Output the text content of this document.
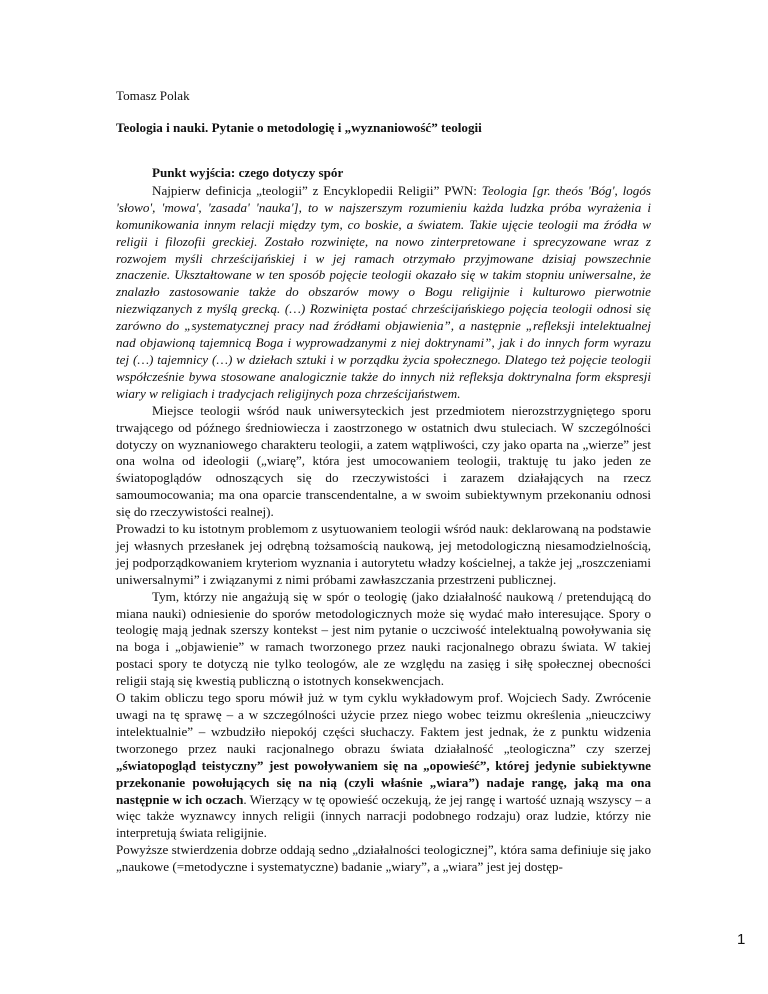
Tomasz Polak
Teologia i nauki. Pytanie o metodologię i „wyznaniowość” teologii

Punkt wyjścia: czego dotyczy spór

Najpierw definicja „teologii” z Encyklopedii Religii” PWN: Teologia [gr. theós 'Bóg', logós 'słowo', 'mowa', 'zasada' 'nauka'], to w najszerszym rozumieniu każda ludzka próba wyrażenia i komunikowania innym relacji między tym, co boskie, a światem. Takie ujęcie teologii ma źródła w religii i filozofii greckiej. Zostało rozwinięte, na nowo zinterpretowane i sprecyzowane wraz z rozwojem myśli chrześcijańskiej i w jej ramach otrzymało przyjmowane dzisiaj powszechnie znaczenie. Ukształtowane w ten sposób pojęcie teologii okazało się w takim stopniu uniwersalne, że znalazło zastosowanie także do obszarów mowy o Bogu religijnie i kulturowo pierwotnie niezwiązanych z myślą grecką. (…) Rozwinięta postać chrześcijańskiego pojęcia teologii odnosi się zarówno do „systematycznej pracy nad źródłami objawienia”, a następnie „refleksji intelektualnej nad objawioną tajemnicą Boga i wyprowadzanymi z niej doktrynami”, jak i do innych form wyrazu tej (…) tajemnicy (…) w dziełach sztuki i w porządku życia społecznego. Dlatego też pojęcie teologii współcześnie bywa stosowane analogicznie także do innych niż refleksja doktrynalna form ekspresji wiary w religiach i tradycjach religijnych poza chrześcijaństwem.

Miejsce teologii wśród nauk uniwersyteckich jest przedmiotem nierozstrzygniętego sporu trwającego od późnego średniowiecza i zaostrzonego w ostatnich dwu stuleciach. W szczególności dotyczy on wyznaniowego charakteru teologii, a zatem wątpliwości, czy jako oparta na „wierze” jest ona wolna od ideologii („wiarę”, która jest umocowaniem teologii, traktuję tu jako jeden ze światopoglądów odnoszących się do rzeczywistości i zarazem działających na rzecz samoumocowania; ma ona oparcie transcendentalne, a w swoim subiektywnym przekonaniu odnosi się do rzeczywistości realnej).

Prowadzi to ku istotnym problemom z usytuowaniem teologii wśród nauk: deklarowaną na podstawie jej własnych przesłanek jej odrębną tożsamością naukową, jej metodologiczną niesamodzielnością, jej podporządkowaniem kryteriom wyznania i autorytetu władzy kościelnej, a także jej „roszczeniami uniwersalnymi” i związanymi z nimi próbami zawłaszczania przestrzeni publicznej.

Tym, którzy nie angażują się w spór o teologię (jako działalność naukową / pretendującą do miana nauki) odniesienie do sporów metodologicznych może się wydać mało interesujące. Spory o teologię mają jednak szerszy kontekst – jest nim pytanie o uczciwość intelektualną powoływania się na boga i „objawienie” w ramach tworzonego przez nauki racjonalnego obrazu świata. W takiej postaci spory te dotyczą nie tylko teologów, ale ze względu na zasięg i siłę społecznej obecności religii stają się kwestią publiczną o istotnych konsekwencjach.

O takim obliczu tego sporu mówił już w tym cyklu wykładowym prof. Wojciech Sady. Zwrócenie uwagi na tę sprawę – a w szczególności użycie przez niego wobec teizmu określenia „nieuczciwy intelektualnie” – wzbudziło niepokój części słuchaczy. Faktem jest jednak, że z punktu widzenia tworzonego przez nauki racjonalnego obrazu świata działalność „teologiczna” czy szerzej „światopogląd teistyczny” jest powoływaniem się na „opowieść”, której jedynie subiektywne przekonanie powołujących się na nią (czyli właśnie „wiara”) nadaje rangę, jaką ma ona następnie w ich oczach. Wierzący w tę opowieść oczekują, że jej rangę i wartość uznają wszyscy – a więc także wyznawcy innych religii (innych narracji podobnego rodzaju) oraz ludzie, którzy nie interpretują świata religijnie.

Powyższe stwierdzenia dobrze oddają sedno „działalności teologicznej”, która sama definiuje się jako „naukowe (=metodyczne i systematyczne) badanie „wiary”, a „wiara” jest jej dostęp-

1
